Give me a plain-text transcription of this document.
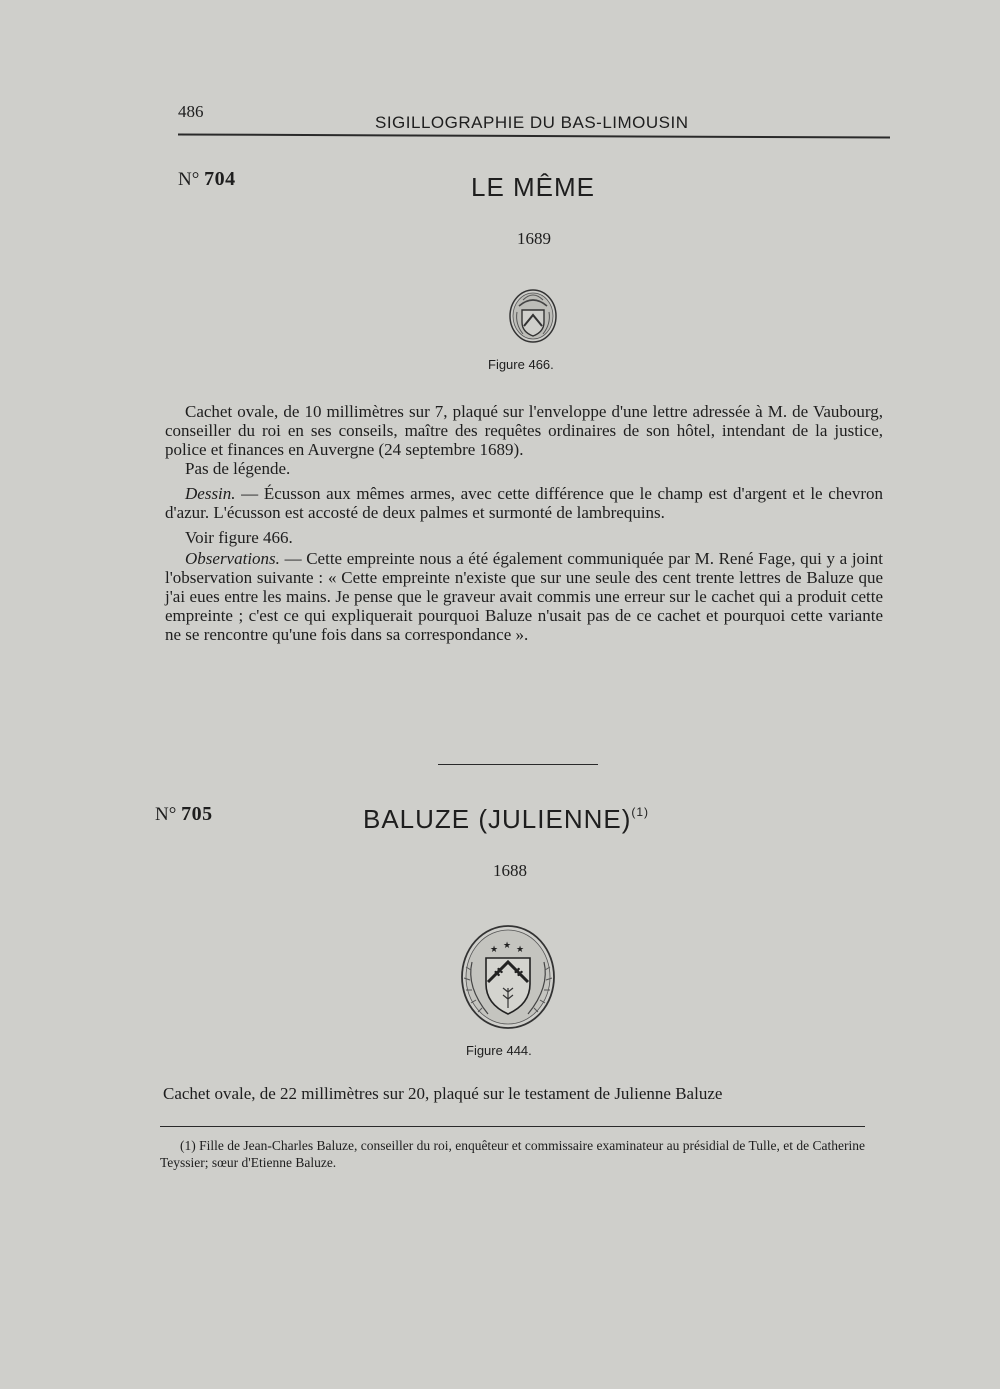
486
SIGILLOGRAPHIE DU BAS-LIMOUSIN
N° 704	LE MÊME
1689
Figure 466.

Cachet ovale, de 10 millimètres sur 7, plaqué sur l'enveloppe d'une lettre adressée à M. de Vaubourg, conseiller du roi en ses conseils, maître des requêtes ordinaires de son hôtel, intendant de la justice, police et finances en Auvergne (24 septembre 1689).

Pas de légende.

Dessin. — Écusson aux mêmes armes, avec cette différence que le champ est d'argent et le chevron d'azur. L'écusson est accosté de deux palmes et surmonté de lambrequins.

Voir figure 466.

Observations. — Cette empreinte nous a été également communiquée par M. René Fage, qui y a joint l'observation suivante : « Cette empreinte n'existe que sur une seule des cent trente lettres de Baluze que j'ai eues entre les mains. Je pense que le graveur avait commis une erreur sur le cachet qui a produit cette empreinte ; c'est ce qui expliquerait pourquoi Baluze n'usait pas de ce cachet et pourquoi cette variante ne se rencontre qu'une fois dans sa correspondance ».

N° 705	BALUZE (JULIENNE)$^{(1)}$
1688
✣ ✣
★ ★ ★
Figure 444.

Cachet ovale, de 22 millimètres sur 20, plaqué sur le testament de Julienne Baluze

(1) Fille de Jean-Charles Baluze, conseiller du roi, enquêteur et commissaire examinateur au présidial de Tulle, et de Catherine Teyssier; sœur d'Etienne Baluze.
